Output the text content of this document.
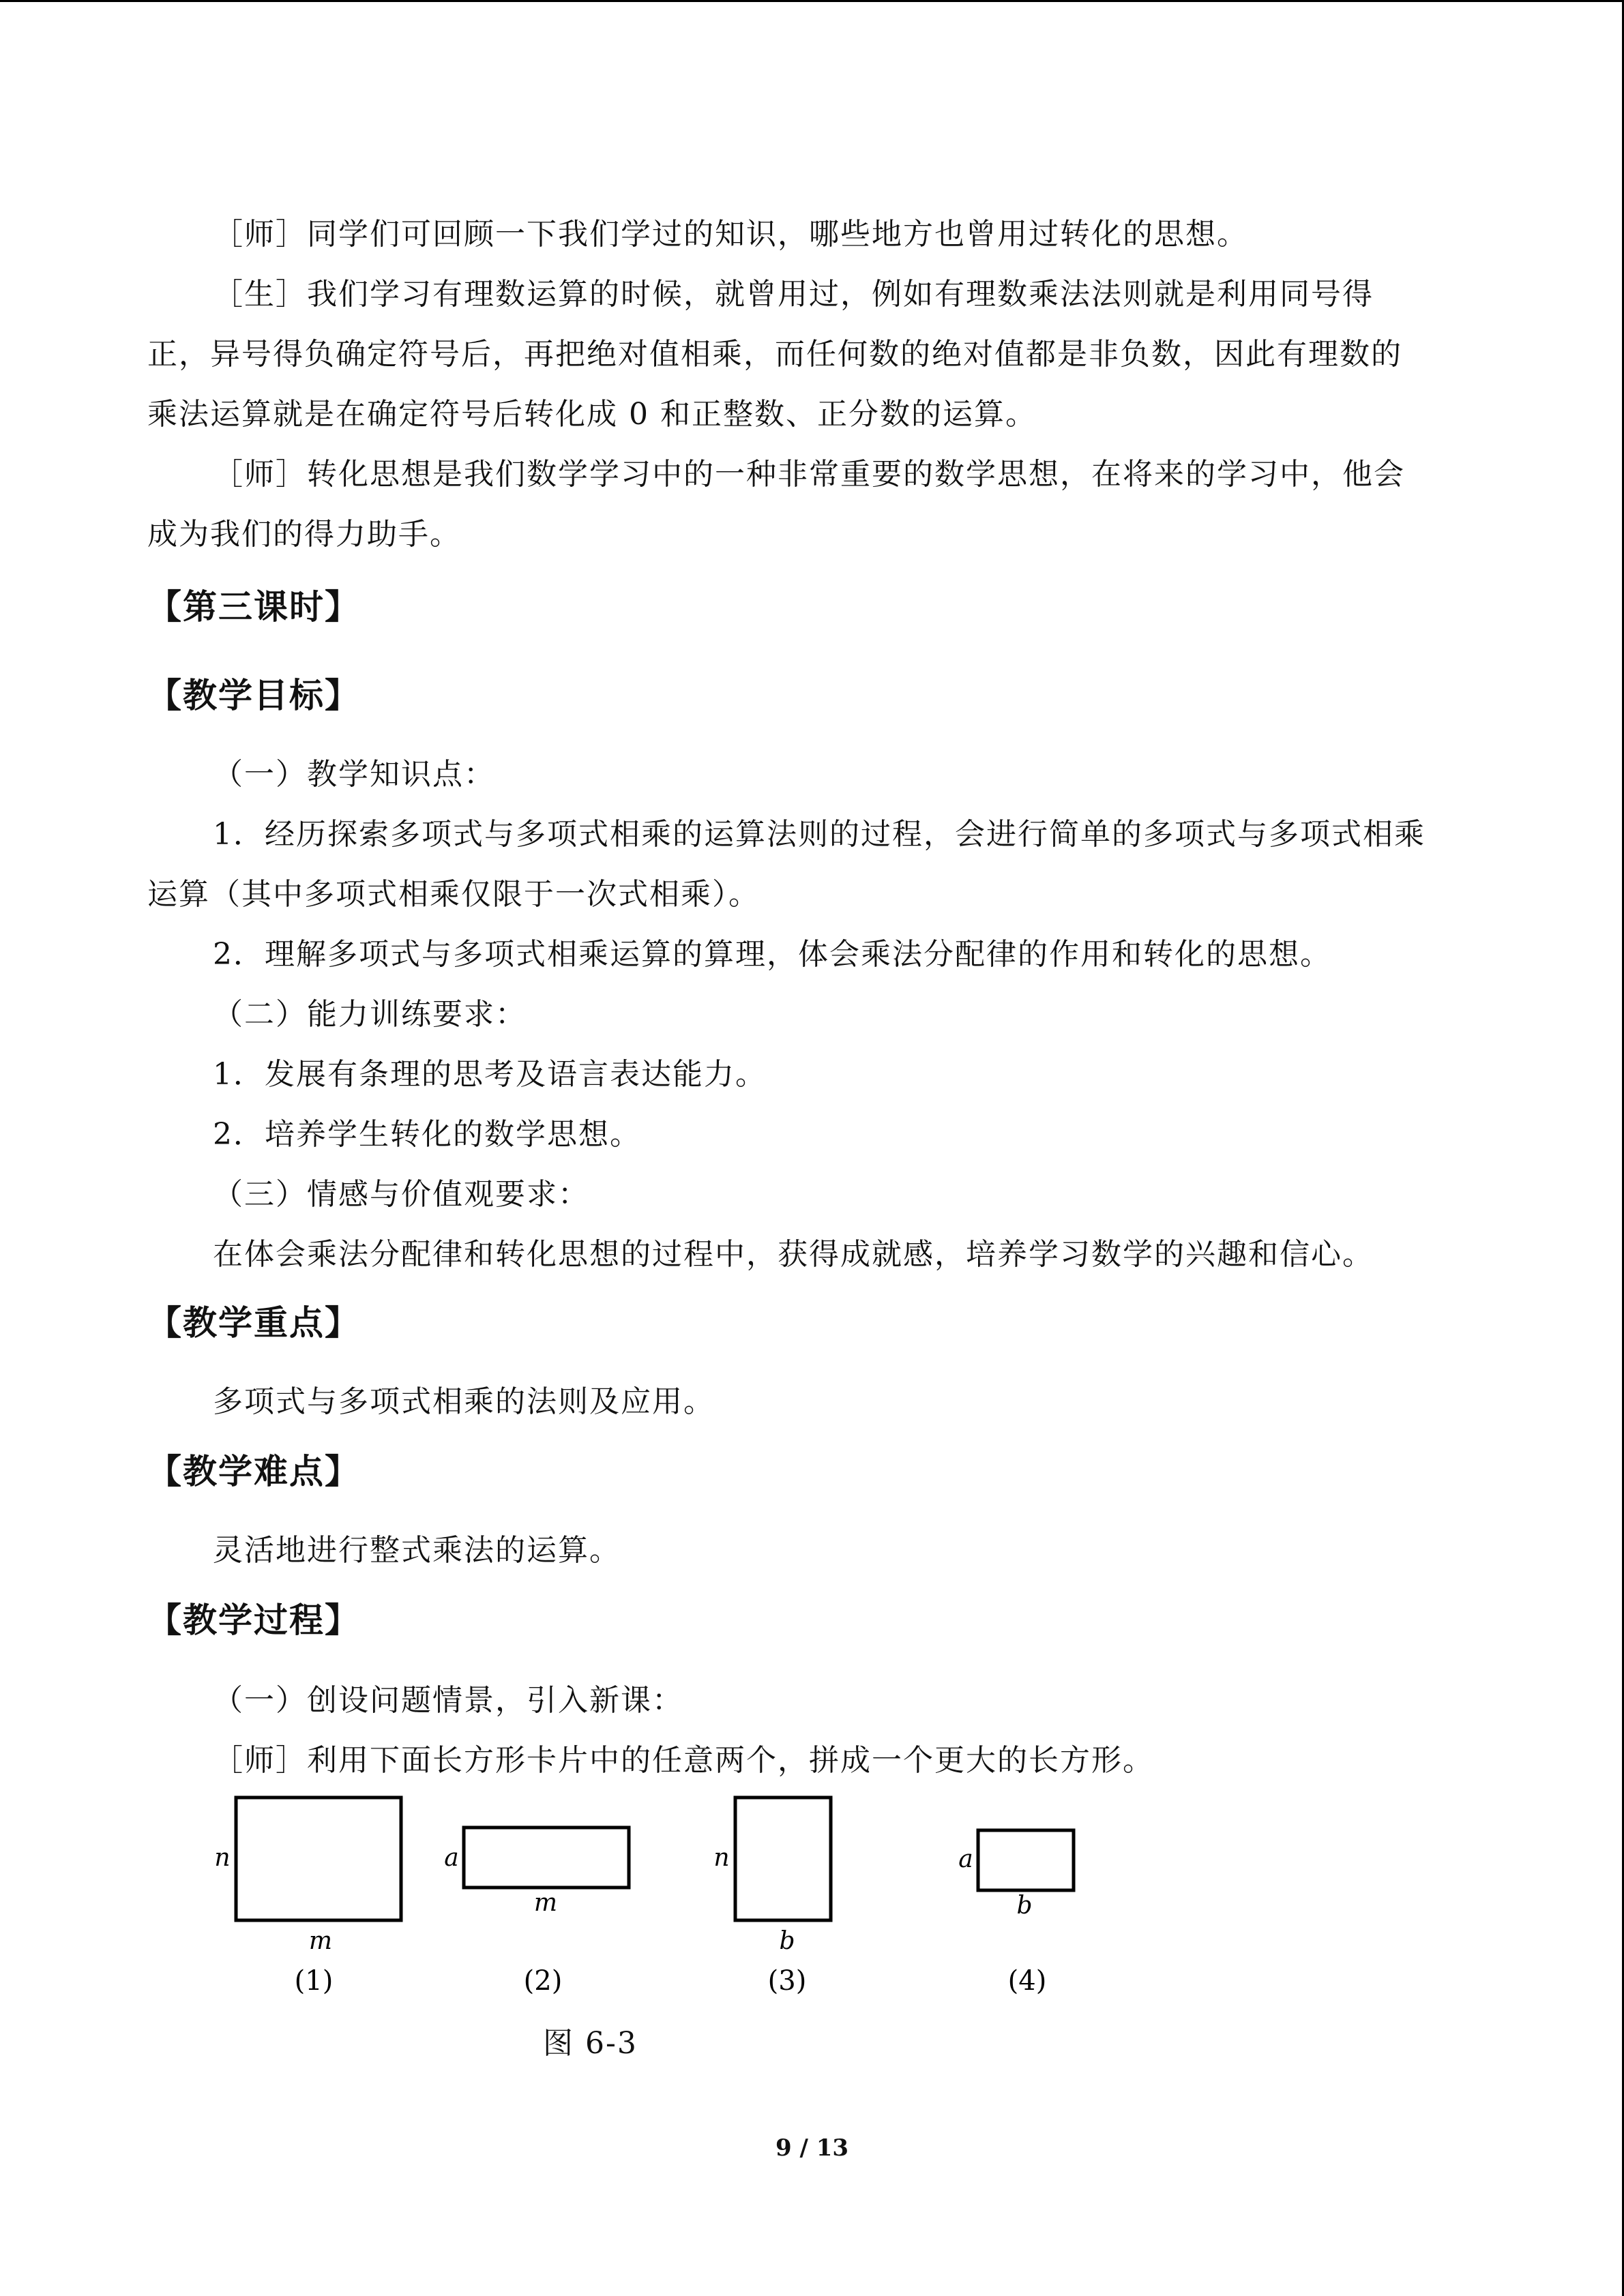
［师］同学们可回顾一下我们学过的知识，哪些地方也曾用过转化的思想。
［生］我们学习有理数运算的时候，就曾用过，例如有理数乘法法则就是利用同号得
正，异号得负确定符号后，再把绝对值相乘，而任何数的绝对值都是非负数，因此有理数的
乘法运算就是在确定符号后转化成 0 和正整数、正分数的运算。
［师］转化思想是我们数学学习中的一种非常重要的数学思想，在将来的学习中，他会
成为我们的得力助手。
【第三课时】
【教学目标】
（一）教学知识点：
1．经历探索多项式与多项式相乘的运算法则的过程，会进行简单的多项式与多项式相乘
运算（其中多项式相乘仅限于一次式相乘）。
2．理解多项式与多项式相乘运算的算理，体会乘法分配律的作用和转化的思想。
（二）能力训练要求：
1．发展有条理的思考及语言表达能力。
2．培养学生转化的数学思想。
（三）情感与价值观要求：
在体会乘法分配律和转化思想的过程中，获得成就感，培养学习数学的兴趣和信心。
【教学重点】
多项式与多项式相乘的法则及应用。
【教学难点】
灵活地进行整式乘法的运算。
【教学过程】
（一）创设问题情景，引入新课：
［师］利用下面长方形卡片中的任意两个，拼成一个更大的长方形。
n
m
(1)
a
m
(2)
n
b
(3)
a
b
(4)
图 6-3
9 / 13
